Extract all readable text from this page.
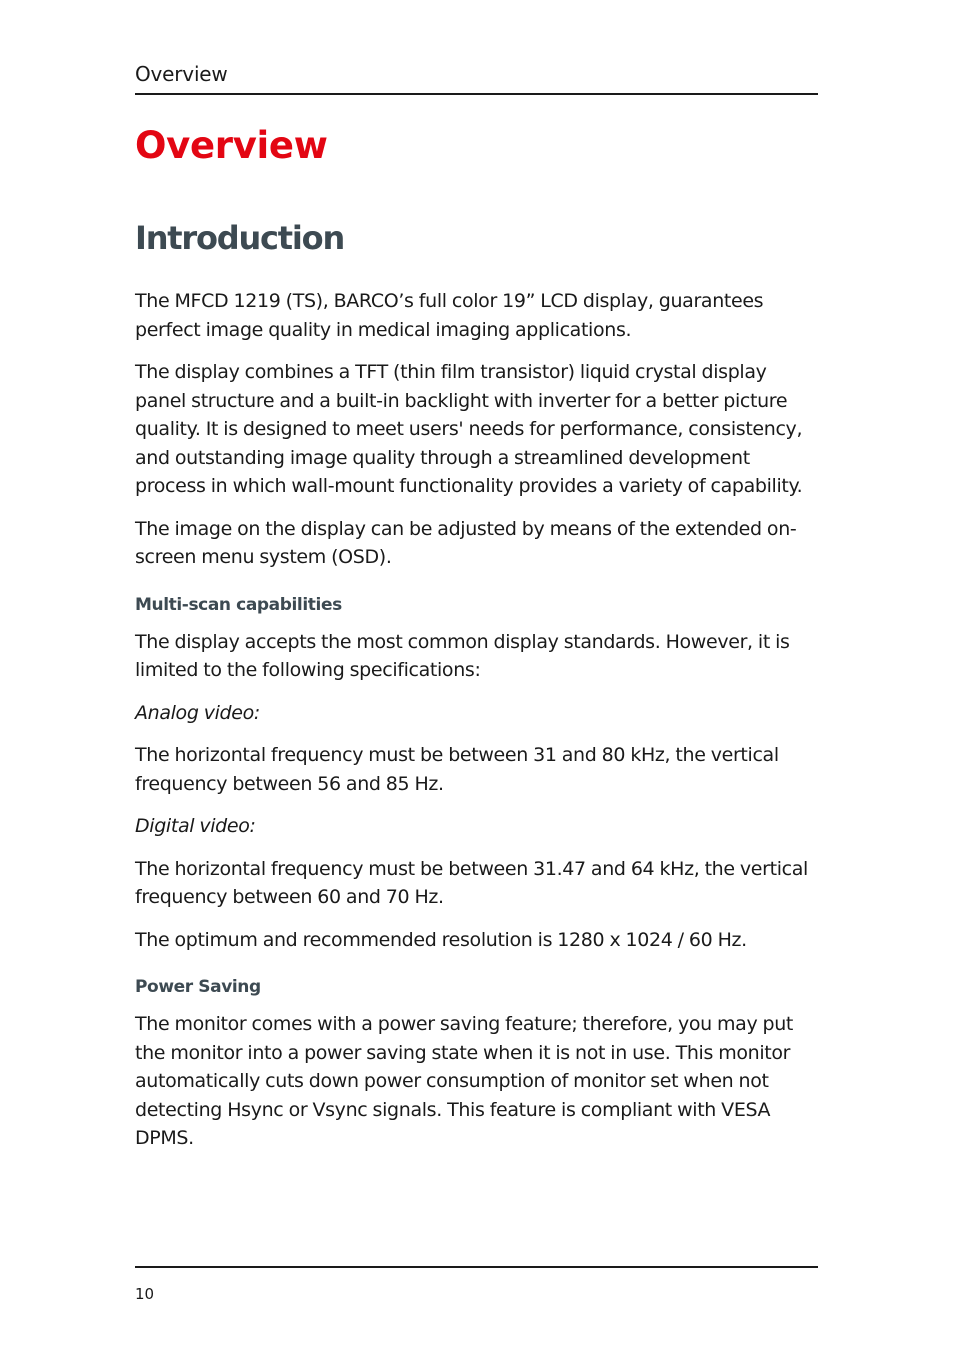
Overview
Overview
Introduction

The MFCD 1219 (TS), BARCO’s full color 19” LCD display, guarantees perfect image quality in medical imaging applications.

The display combines a TFT (thin film transistor) liquid crystal display panel structure and a built-in backlight with inverter for a better picture quality. It is designed to meet users' needs for performance, consistency, and outstanding image quality through a streamlined development process in which wall-mount functionality provides a variety of capability.

The image on the display can be adjusted by means of the extended on-screen menu system (OSD).

Multi-scan capabilities

The display accepts the most common display standards. However, it is limited to the following specifications:

Analog video:

The horizontal frequency must be between 31 and 80 kHz, the vertical frequency between 56 and 85 Hz.

Digital video:

The horizontal frequency must be between 31.47 and 64 kHz, the vertical frequency between 60 and 70 Hz.

The optimum and recommended resolution is 1280 x 1024 / 60 Hz.

Power Saving

The monitor comes with a power saving feature; therefore, you may put the monitor into a power saving state when it is not in use. This monitor automatically cuts down power consumption of monitor set when not detecting Hsync or Vsync signals. This feature is compliant with VESA DPMS.

10
